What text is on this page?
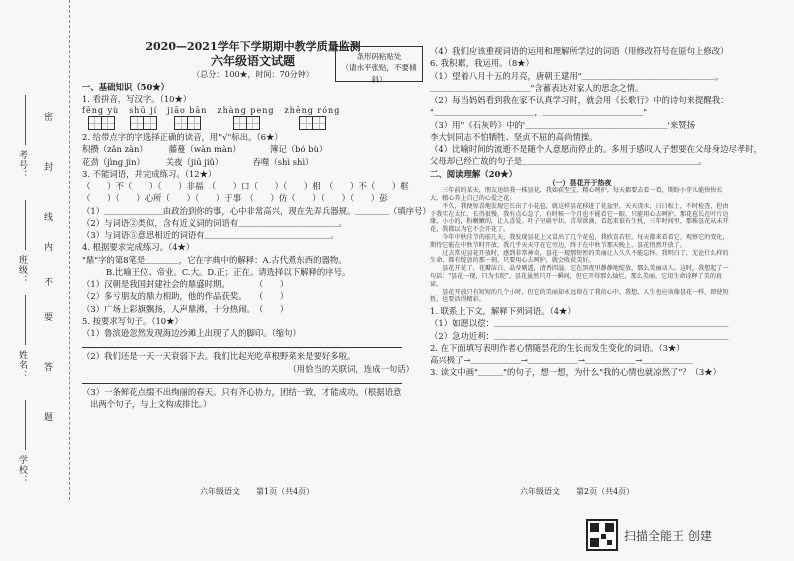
考号：
班级：
姓名：
学校：
密
封
线
内
不
要
答
题
条形码粘贴处
（请水平张贴，不要倾斜）
2020—2021学年下学期期中教学质量监测
六年级语文试题
（总分：100★，时间：70分钟）
一、基础知识（50★）
1. 看拼音，写汉字。（10★）
fēng yù shū jí jiāo bān zhàng peng zhēng róng
2. 给带点字的字选择正确的读音，用"√"标出。（6★）
积攒（zǎn zàn）　　　藤蔓（wàn màn）　　　　簿记（bó bù）
花劲（jìng jìn）　　　关夜（jiū jiǔ）　　　　吞噬（shì shì）
3. 不能词语，并完成练习。（12★）
（　　）不（　　）（　　）非福　（　　）口（　　）（　　）相　（　　）不（　　）框
（　　）（　　）心所（　　）（　　）于事　（　　）仿（　　）（　　）（　　）彭
（1）＿＿＿＿＿＿＿由政治到你的事，心中非常高兴，现在先弄兵器规。＿＿＿＿（填序号）
（2）与词语②类似，含有近义词的词语有＿＿＿＿＿＿＿＿＿＿＿＿。
（3）与词语⑤意思相近的词语有＿＿＿＿＿＿＿＿＿＿＿＿＿＿＿。
4. 根据要求完成练习。（4★）
"鼎"字的第8笔是＿＿＿＿，它在字典中的解释：A.古代煮东西的器物。
B.比喻王位、帝业。C.大。D.正；正在。请选择以下解释的序号。
（1）汉朝是我国封建社会的鼎盛时期。　　　　（　　）
（2）多亏朋友的鼎力相助，他的作品获奖。　　（　　）
（3）广场上彩旗飘扬，人声鼎沸，十分热闹。　（　　）
5. 按要求写句子。（10★）
（1）鲁滨逊忽然发现海边沙滩上出现了人的脚印。（缩句）
（2）我们还是一天一天衰弱下去。我们比起光吃草根野菜来是要好多啦。
（用恰当的关联词，连成一句话）
（3）一条鲜花点缀不出绚丽的春天。只有齐心协力，团结一致，才能成功。（根据语意
出两个句子，与上文构成排比。）
（4）我们应该重视词语的运用和理解所学过的词语（用修改符号在原句上修改）
6. 我积累，我运用。（8★）
（1）望着八月十五的月亮，唐朝王建用"＿＿＿＿＿＿＿＿＿＿＿＿＿＿＿＿，
＿＿＿＿＿＿＿＿＿＿＿＿"含蓄表达对家人的思念之情。
（2）每当妈妈看到我在家不认真学习时，就会用《长歌行》中的诗句来提醒我：
"＿＿＿＿＿＿＿＿＿＿＿＿，＿＿＿＿＿＿＿＿＿＿＿＿"
（3）用"《石灰吟》中的'＿＿＿＿＿＿＿＿＿＿＿＿＿＿＿＿＿'来赞扬
李大钊同志不怕牺牲、坚贞不屈的高尚情操。
（4）比喻时间的流逝不是随个人意愿而停止的。多用于感叹人子想要在父母身边尽孝时，
父母却已经亡故的句子是＿＿＿＿＿＿＿＿＿＿＿＿＿＿＿＿＿＿＿＿＿。
二、阅读理解（20★）
（一）昙花开于热夜
三年前的某天，朋友送给我一株昙花，我如获至宝，精心呵护。每天都要去看一看，期盼小芽儿能快快长大，精心养上自己的心爱之花。
不久，我便惊喜地发现它长出了小花苞，就这样昙花移进了花盆里，天天浇水，日日松土，不时检查，但由于我实在太忙，长得很慢，我有点心急了，有时候一个月也不能看它一眼，只能用心去呵护。那花苞长在叶片边缘，小小的，粉嫩嫩的，让人喜爱。叶子呈扁平状，青翠欲滴，看起来很有生机，三年时间里，那株昙花从未开花，我都以为它不会开花了。
今年中秋佳节的前几天，我发现昙花上又冒出了几个花苞，我欣喜若狂。每天都来看看它，观察它的变化，期待它能在中秋节时开放，我几乎天天守在它旁边，终于在中秋节那天晚上，昙花悄然开放了。
过去常见昙花开放时，感到非常神奇，昙花一现那短暂的美丽让人久久不能忘怀。我明白了，无论什么样的生命，都有绽放的那一刻，只要用心去呵护，就会收获美好。
昙花开花了，花瓣洁白，晶莹剔透，清香四溢，它在黑夜里静静地绽放，那么美丽动人。这时，我想起了一句话："昙花一现，只为韦陀"。昙花虽然只开一瞬间，但它开得那么灿烂，那么美丽，它用生命诠释了美的真谛。
昙花开放只有短短的几个小时，但它的美丽却永远留在了我的心中。我想，人生也应该像昙花一样，即使短暂，也要活得精彩。
1. 联系上下文，解释下列词语。（4★）
（1）如愿以偿：＿＿＿＿＿＿＿＿＿＿＿＿＿＿＿＿＿＿＿＿＿＿＿＿＿＿＿＿
（2）急功近利：＿＿＿＿＿＿＿＿＿＿＿＿＿＿＿＿＿＿＿＿＿＿＿＿＿＿＿＿
2. 在下面填写表明作者心情随昙花的生长而发生变化的词语。（3★）
高兴极了→＿＿＿＿＿＿→＿＿＿＿＿＿→＿＿＿＿＿＿→＿＿＿＿＿＿
3. 读文中画"＿＿＿"的句子，想一想，为什么"我的心情也就凉然了"？（3★）
六年级语文　　第1页（共4页）	六年级语文　　第2页（共4页）
扫描全能王 创建
